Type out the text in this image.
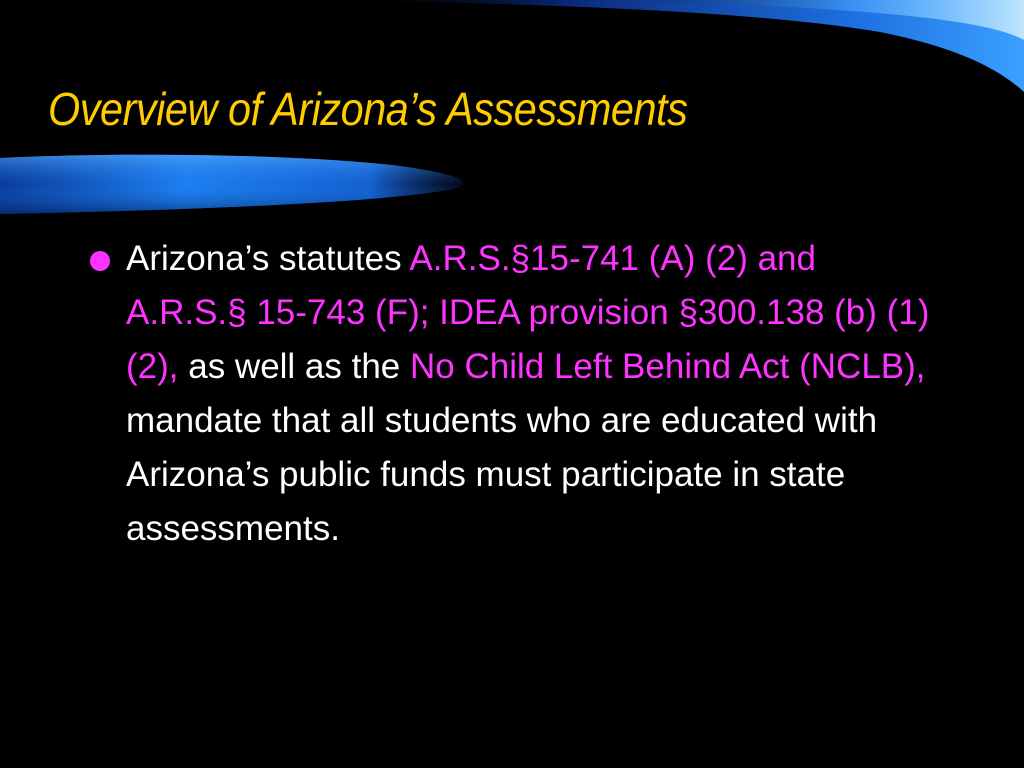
Overview of Arizona’s Assessments

Arizona’s statutes A.R.S.§15-741 (A) (2) and A.R.S.§ 15-743 (F); IDEA provision §300.138 (b) (1) (2), as well as the No Child Left Behind Act (NCLB), mandate that all students who are educated with Arizona’s public funds must participate in state assessments.
